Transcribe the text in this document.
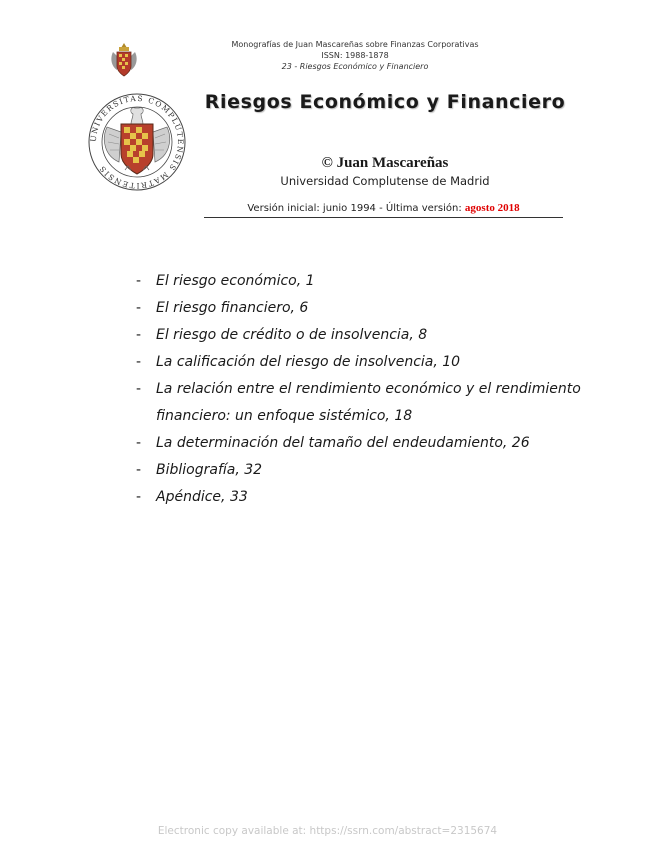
Monografías de Juan Mascareñas sobre Finanzas Corporativas
ISSN: 1988-1878
23 - Riesgos Económico y Financiero
UNIVERSITAS COMPLUTENSIS MATRITENSIS
Riesgos Económico y Financiero
© Juan Mascareñas
Universidad Complutense de Madrid
Versión inicial: junio 1994 - Última versión: agosto 2018
- El riesgo económico, 1
- El riesgo financiero, 6
- El riesgo de crédito o de insolvencia, 8
- La calificación del riesgo de insolvencia, 10
- La relación entre el rendimiento económico y el rendimiento financiero: un enfoque sistémico, 18
- La determinación del tamaño del endeudamiento, 26
- Bibliografía, 32
- Apéndice, 33
Electronic copy available at: https://ssrn.com/abstract=2315674
